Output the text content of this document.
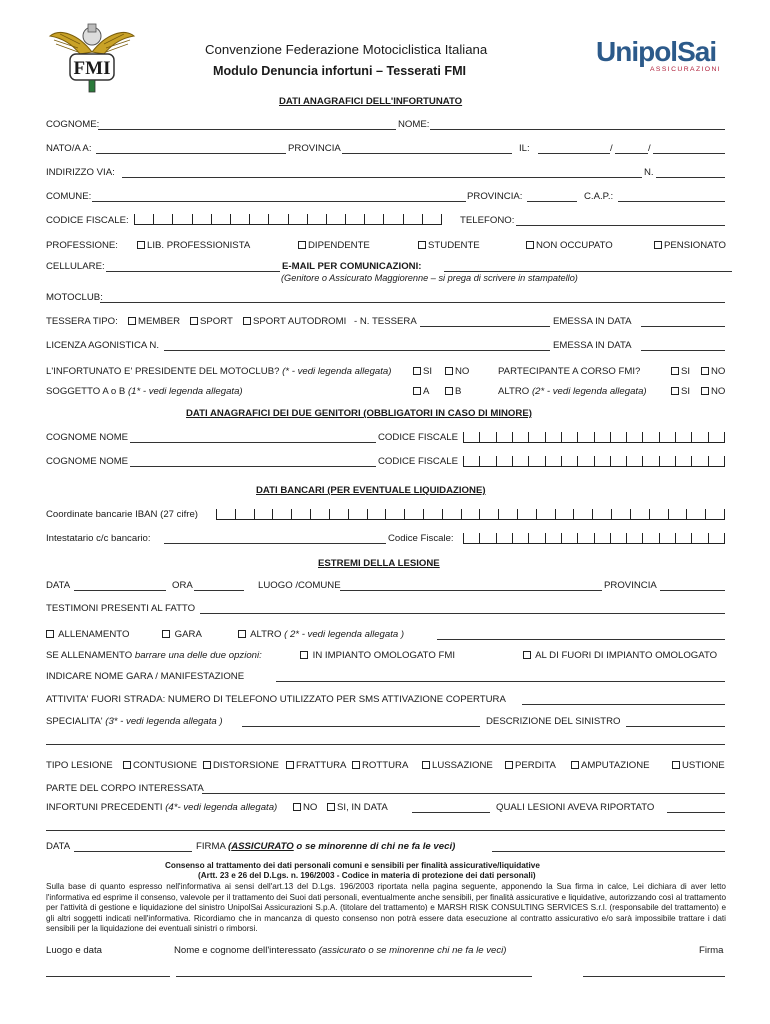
FMI
Convenzione Federazione Motociclistica Italiana
Modulo Denuncia infortuni – Tesserati FMI
UnipolSai
ASSICURAZIONI
DATI ANAGRAFICI DELL'INFORTUNATO
COGNOME:	NOME:
NATO/A A:	PROVINCIA	IL:	/	/
INDIRIZZO VIA:	N.
COMUNE:	PROVINCIA:	C.A.P.:
CODICE FISCALE:	TELEFONO:
PROFESSIONE:	LIB. PROFESSIONISTA	DIPENDENTE	STUDENTE	NON OCCUPATO	PENSIONATO
CELLULARE:	E-MAIL PER COMUNICAZIONI:
(Genitore o Assicurato Maggiorenne – si prega di scrivere in stampatello)
MOTOCLUB:
TESSERA TIPO:	MEMBER	SPORT	SPORT AUTODROMI - N. TESSERA	EMESSA IN DATA
LICENZA AGONISTICA N.	EMESSA IN DATA
L'INFORTUNATO E' PRESIDENTE DEL MOTOCLUB? (* - vedi legenda allegata)	SI	NO	PARTECIPANTE A CORSO FMI?	SI	NO
SOGGETTO A o B (1* - vedi legenda allegata)	A	B	ALTRO (2* - vedi legenda allegata)	SI	NO
DATI ANAGRAFICI DEI DUE GENITORI (OBBLIGATORI IN CASO DI MINORE)
COGNOME NOME	CODICE FISCALE
COGNOME NOME	CODICE FISCALE
DATI BANCARI (PER EVENTUALE LIQUIDAZIONE)
Coordinate bancarie IBAN (27 cifre)
Intestatario c/c bancario:	Codice Fiscale:
ESTREMI DELLA LESIONE
DATA	ORA	LUOGO /COMUNE	PROVINCIA
TESTIMONI PRESENTI AL FATTO
ALLENAMENTO	GARA	ALTRO ( 2* - vedi legenda allegata )
SE ALLENAMENTO barrare una delle due opzioni:	IN IMPIANTO OMOLOGATO FMI	AL DI FUORI DI IMPIANTO OMOLOGATO
INDICARE NOME GARA / MANIFESTAZIONE
ATTIVITA' FUORI STRADA: NUMERO DI TELEFONO UTILIZZATO PER SMS ATTIVAZIONE COPERTURA
SPECIALITA' (3* - vedi legenda allegata )	DESCRIZIONE DEL SINISTRO
TIPO LESIONE	CONTUSIONE	DISTORSIONE	FRATTURA	ROTTURA	LUSSAZIONE	PERDITA	AMPUTAZIONE	USTIONE
PARTE DEL CORPO INTERESSATA
INFORTUNI PRECEDENTI (4*- vedi legenda allegata)	NO	SI, IN DATA	QUALI LESIONI AVEVA RIPORTATO
DATA	FIRMA (ASSICURATO o se minorenne di chi ne fa le veci)
Consenso al trattamento dei dati personali comuni e sensibili per finalità assicurative/liquidative
(Artt. 23 e 26 del D.Lgs. n. 196/2003 - Codice in materia di protezione dei dati personali)
Sulla base di quanto espresso nell'informativa ai sensi dell'art.13 del D.Lgs. 196/2003 riportata nella pagina seguente, apponendo la Sua firma in calce, Lei dichiara di aver letto l'informativa ed esprime il consenso, valevole per il trattamento dei Suoi dati personali, eventualmente anche sensibili, per finalità assicurative e liquidative, autorizzando così al trattamento per l'attività di gestione e liquidazione del sinistro UnipolSai Assicurazioni S.p.A. (titolare del trattamento) e MARSH RISK CONSULTING SERVICES S.r.l. (responsabile del trattamento) e gli altri soggetti indicati nell'informativa. Ricordiamo che in mancanza di questo consenso non potrà essere data esecuzione al contratto assicurativo e/o sarà impossibile trattare i dati sensibili per la liquidazione dei eventuali sinistri o rimborsi.
Luogo e data	Nome e cognome dell'interessato (assicurato o se minorenne chi ne fa le veci)	Firma
